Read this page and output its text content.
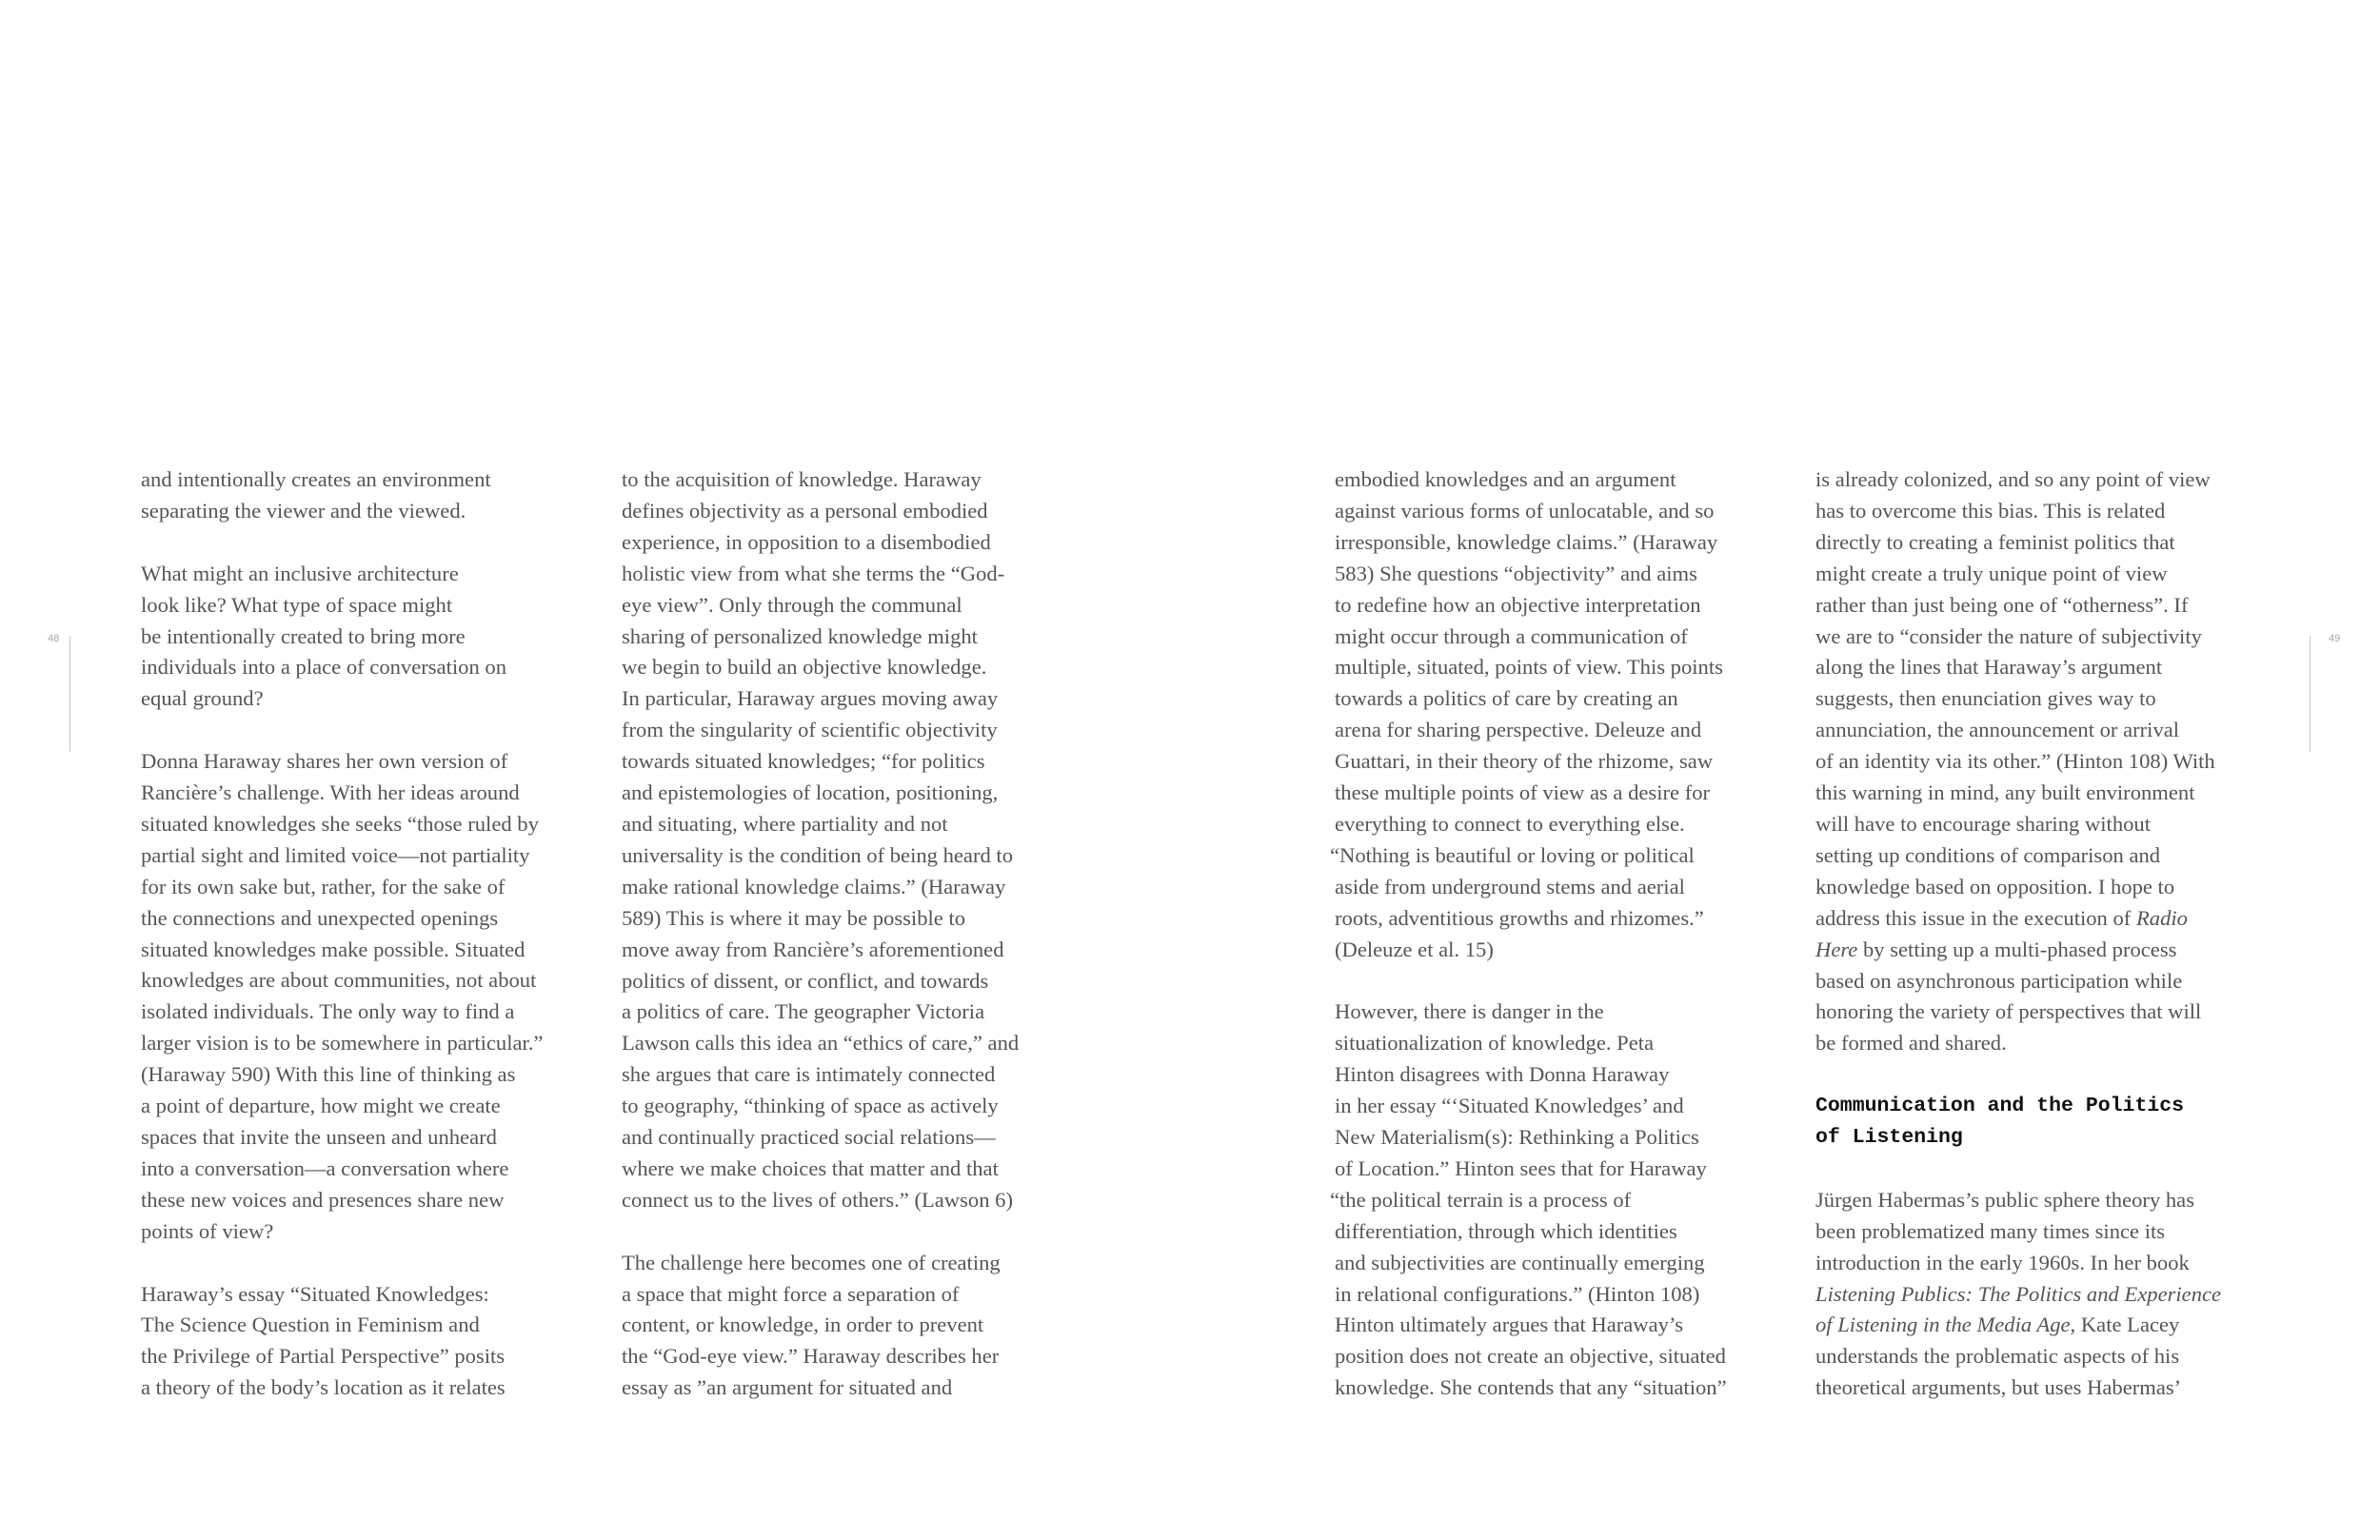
48

and intentionally creates an environment
separating the viewer and the viewed.

What might an inclusive architecture
look like? What type of space might
be intentionally created to bring more
individuals into a place of conversation on
equal ground?

Donna Haraway shares her own version of
Rancière’s challenge. With her ideas around
situated knowledges she seeks “those ruled by
partial sight and limited voice—not partiality
for its own sake but, rather, for the sake of
the connections and unexpected openings
situated knowledges make possible. Situated
knowledges are about communities, not about
isolated individuals. The only way to find a
larger vision is to be somewhere in particular.”
(Haraway 590) With this line of thinking as
a point of departure, how might we create
spaces that invite the unseen and unheard
into a conversation—a conversation where
these new voices and presences share new
points of view?

Haraway’s essay “Situated Knowledges:
The Science Question in Feminism and
the Privilege of Partial Perspective” posits
a theory of the body’s location as it relates

to the acquisition of knowledge. Haraway
defines objectivity as a personal embodied
experience, in opposition to a disembodied
holistic view from what she terms the “God-
eye view”. Only through the communal
sharing of personalized knowledge might
we begin to build an objective knowledge.
In particular, Haraway argues moving away
from the singularity of scientific objectivity
towards situated knowledges; “for politics
and epistemologies of location, positioning,
and situating, where partiality and not
universality is the condition of being heard to
make rational knowledge claims.” (Haraway
589) This is where it may be possible to
move away from Rancière’s aforementioned
politics of dissent, or conflict, and towards
a politics of care. The geographer Victoria
Lawson calls this idea an “ethics of care,” and
she argues that care is intimately connected
to geography, “thinking of space as actively
and continually practiced social relations—
where we make choices that matter and that
connect us to the lives of others.” (Lawson 6)

The challenge here becomes one of creating
a space that might force a separation of
content, or knowledge, in order to prevent
the “God-eye view.” Haraway describes her
essay as ”an argument for situated and

49

embodied knowledges and an argument
against various forms of unlocatable, and so
irresponsible, knowledge claims.” (Haraway
583) She questions “objectivity” and aims
to redefine how an objective interpretation
might occur through a communication of
multiple, situated, points of view. This points
towards a politics of care by creating an
arena for sharing perspective. Deleuze and
Guattari, in their theory of the rhizome, saw
these multiple points of view as a desire for
everything to connect to everything else.
“Nothing is beautiful or loving or political
aside from underground stems and aerial
roots, adventitious growths and rhizomes.”
(Deleuze et al. 15)

However, there is danger in the
situationalization of knowledge. Peta
Hinton disagrees with Donna Haraway
in her essay “‘Situated Knowledges’ and
New Materialism(s): Rethinking a Politics
of Location.” Hinton sees that for Haraway
“the political terrain is a process of
differentiation, through which identities
and subjectivities are continually emerging
in relational configurations.” (Hinton 108)
Hinton ultimately argues that Haraway’s
position does not create an objective, situated
knowledge. She contends that any “situation”

is already colonized, and so any point of view
has to overcome this bias. This is related
directly to creating a feminist politics that
might create a truly unique point of view
rather than just being one of “otherness”. If
we are to “consider the nature of subjectivity
along the lines that Haraway’s argument
suggests, then enunciation gives way to
annunciation, the announcement or arrival
of an identity via its other.” (Hinton 108) With
this warning in mind, any built environment
will have to encourage sharing without
setting up conditions of comparison and
knowledge based on opposition. I hope to
address this issue in the execution of Radio
Here by setting up a multi-phased process
based on asynchronous participation while
honoring the variety of perspectives that will
be formed and shared.

Communication and the Politics
of Listening

Jürgen Habermas’s public sphere theory has
been problematized many times since its
introduction in the early 1960s. In her book
Listening Publics: The Politics and Experience
of Listening in the Media Age, Kate Lacey
understands the problematic aspects of his
theoretical arguments, but uses Habermas’
